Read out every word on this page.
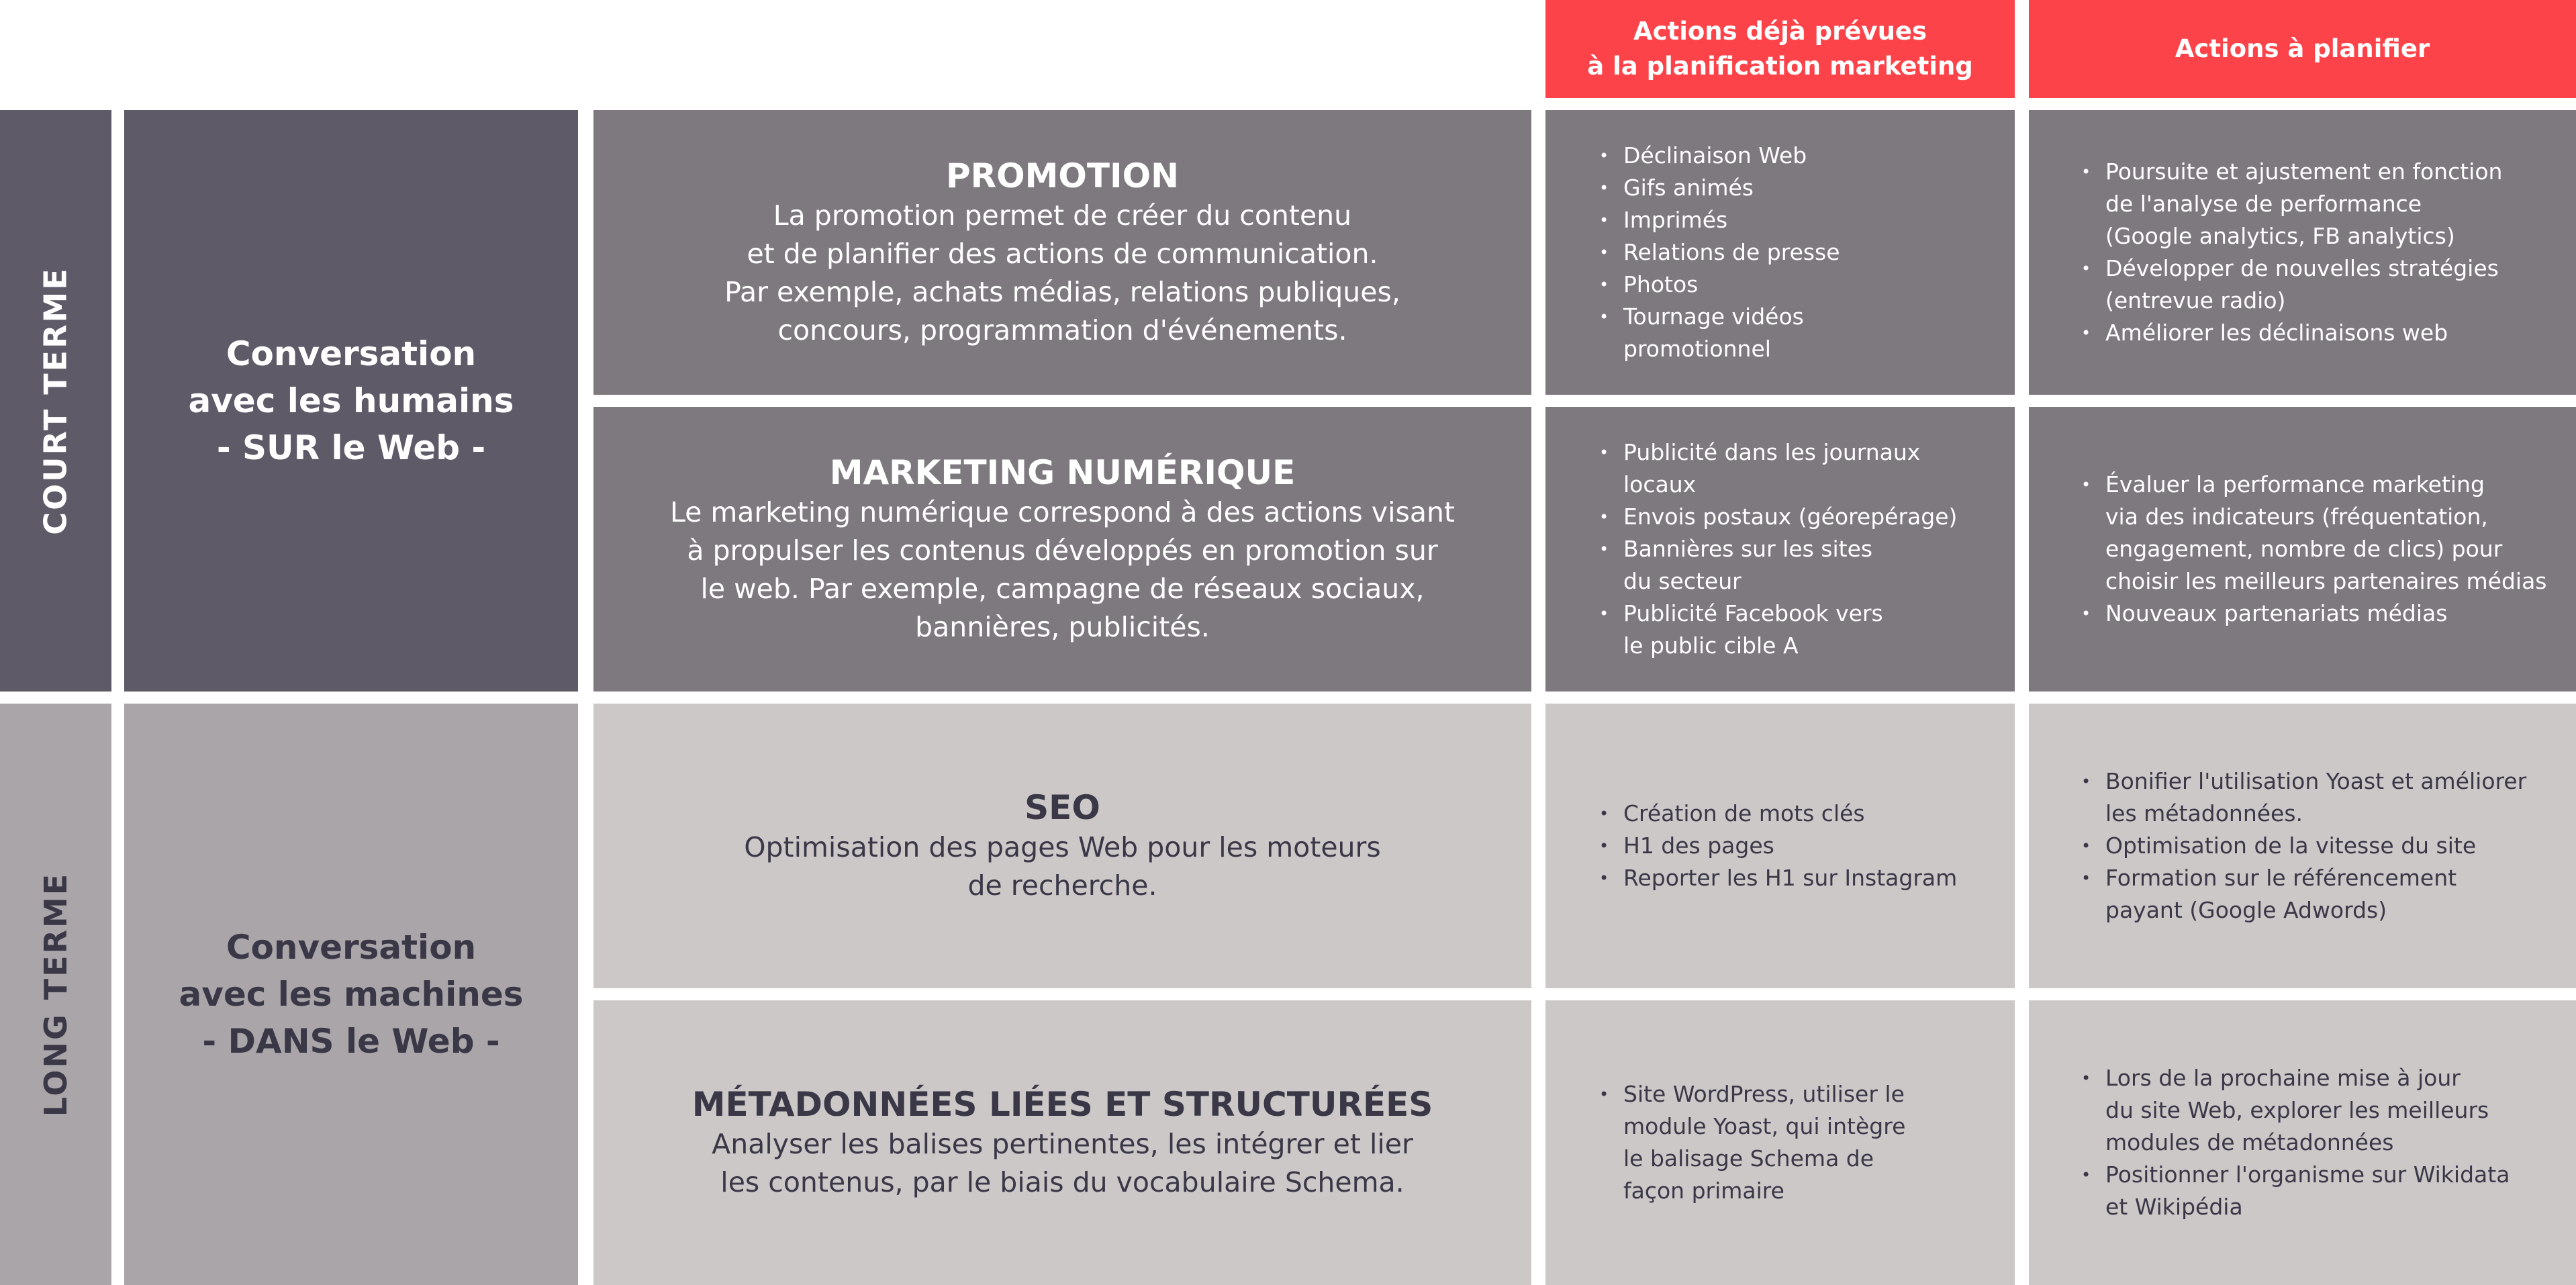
Actions déjà prévues
à la planification marketing
Actions à planifier
COURT TERME
LONG TERME
Conversation
avec les humains
- SUR le Web -
Conversation
avec les machines
- DANS le Web -
PROMOTION
La promotion permet de créer du contenu
et de planifier des actions de communication.
Par exemple, achats médias, relations publiques,
concours, programmation d'événements.
• Déclinaison Web
• Gifs animés
• Imprimés
• Relations de presse
• Photos
• Tournage vidéos
promotionnel
• Poursuite et ajustement en fonction
de l'analyse de performance
(Google analytics, FB analytics)
• Développer de nouvelles stratégies
(entrevue radio)
• Améliorer les déclinaisons web
MARKETING NUMÉRIQUE
Le marketing numérique correspond à des actions visant
à propulser les contenus développés en promotion sur
le web. Par exemple, campagne de réseaux sociaux,
bannières, publicités.
• Publicité dans les journaux
locaux
• Envois postaux (géorepérage)
• Bannières sur les sites
du secteur
• Publicité Facebook vers
le public cible A
• Évaluer la performance marketing
via des indicateurs (fréquentation,
engagement, nombre de clics) pour
choisir les meilleurs partenaires médias
• Nouveaux partenariats médias
SEO
Optimisation des pages Web pour les moteurs
de recherche.
• Création de mots clés
• H1 des pages
• Reporter les H1 sur Instagram
• Bonifier l'utilisation Yoast et améliorer
les métadonnées.
• Optimisation de la vitesse du site
• Formation sur le référencement
payant (Google Adwords)
MÉTADONNÉES LIÉES ET STRUCTURÉES
Analyser les balises pertinentes, les intégrer et lier
les contenus, par le biais du vocabulaire Schema.
• Site WordPress, utiliser le
module Yoast, qui intègre
le balisage Schema de
façon primaire
• Lors de la prochaine mise à jour
du site Web, explorer les meilleurs
modules de métadonnées
• Positionner l'organisme sur Wikidata
et Wikipédia
